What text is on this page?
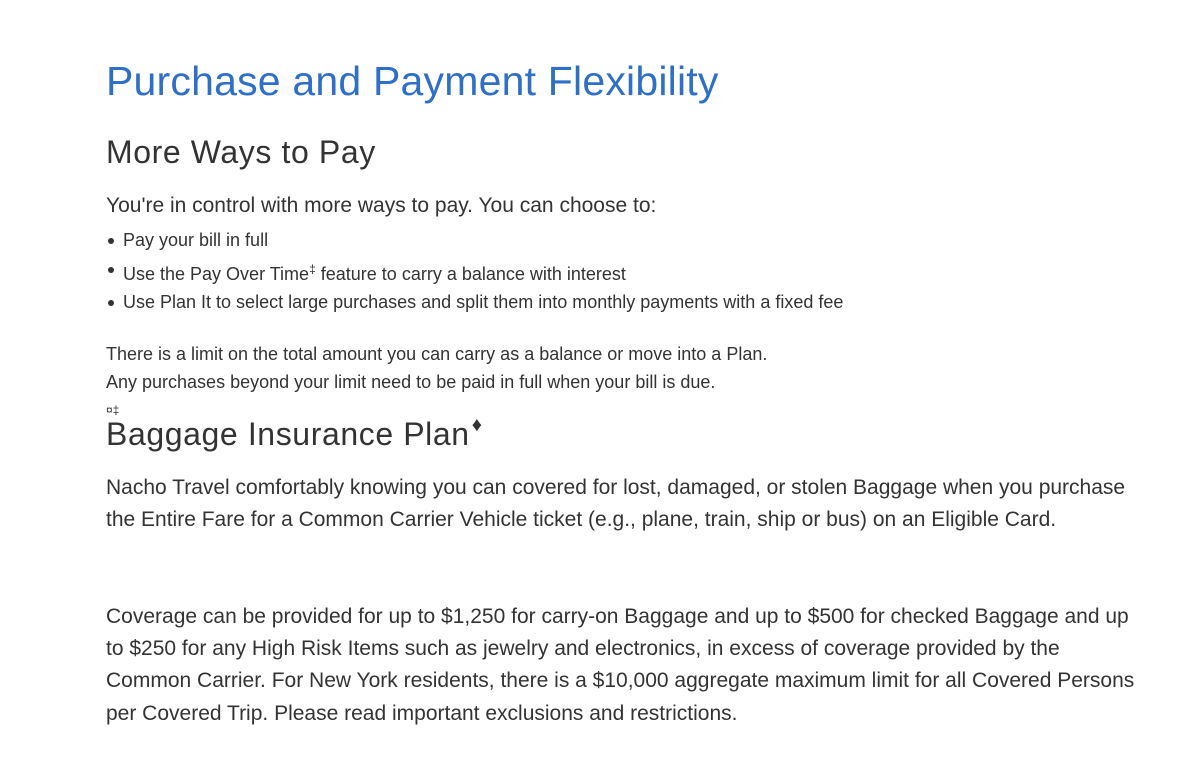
Purchase and Payment Flexibility
More Ways to Pay

You're in control with more ways to pay. You can choose to:

Pay your bill in full
Use the Pay Over Time‡ feature to carry a balance with interest
Use Plan It to select large purchases and split them into monthly payments with a fixed fee

There is a limit on the total amount you can carry as a balance or move into a Plan.
Any purchases beyond your limit need to be paid in full when your bill is due.
¤‡

Baggage Insurance Plan ♦

Nacho Travel comfortably knowing you can covered for lost, damaged, or stolen Baggage when you purchase the Entire Fare for a Common Carrier Vehicle ticket (e.g., plane, train, ship or bus) on an Eligible Card.

Coverage can be provided for up to $1,250 for carry-on Baggage and up to $500 for checked Baggage and up to $250 for any High Risk Items such as jewelry and electronics, in excess of coverage provided by the Common Carrier. For New York residents, there is a $10,000 aggregate maximum limit for all Covered Persons per Covered Trip. Please read important exclusions and restrictions.
